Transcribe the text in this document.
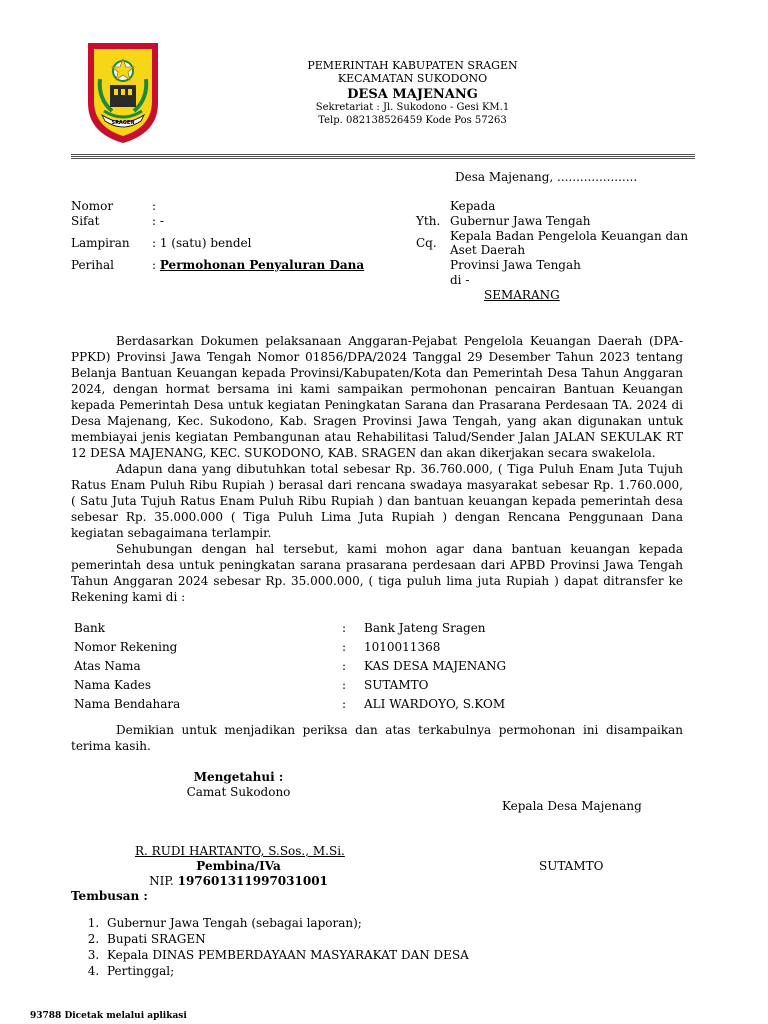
SRAGEN
PEMERINTAH KABUPATEN SRAGEN
KECAMATAN SUKODONO
DESA MAJENANG
Sekretariat : Jl. Sukodono - Gesi KM.1
Telp. 082138526459 Kode Pos 57263
Desa Majenang, .....................
Nomor	:
Sifat	: -
Lampiran : 1 (satu) bendel
Perihal	: Permohonan Penyaluran Dana
Kepada
Yth. Gubernur Jawa Tengah
Cq. Kepala Badan Pengelola Keuangan dan
Aset Daerah
Provinsi Jawa Tengah
di -
SEMARANG

Berdasarkan Dokumen pelaksanaan Anggaran-Pejabat Pengelola Keuangan Daerah (DPA-PPKD) Provinsi Jawa Tengah Nomor 01856/DPA/2024 Tanggal 29 Desember Tahun 2023 tentang Belanja Bantuan Keuangan kepada Provinsi/Kabupaten/Kota dan Pemerintah Desa Tahun Anggaran 2024, dengan hormat bersama ini kami sampaikan permohonan pencairan Bantuan Keuangan kepada Pemerintah Desa untuk kegiatan Peningkatan Sarana dan Prasarana Perdesaan TA. 2024 di Desa Majenang, Kec. Sukodono, Kab. Sragen Provinsi Jawa Tengah, yang akan digunakan untuk membiayai jenis kegiatan Pembangunan atau Rehabilitasi Talud/Sender Jalan JALAN SEKULAK RT 12 DESA MAJENANG, KEC. SUKODONO, KAB. SRAGEN dan akan dikerjakan secara swakelola.

Adapun dana yang dibutuhkan total sebesar Rp. 36.760.000, ( Tiga Puluh Enam Juta Tujuh Ratus Enam Puluh Ribu Rupiah ) berasal dari rencana swadaya masyarakat sebesar Rp. 1.760.000, ( Satu Juta Tujuh Ratus Enam Puluh Ribu Rupiah ) dan bantuan keuangan kepada pemerintah desa sebesar Rp. 35.000.000 ( Tiga Puluh Lima Juta Rupiah ) dengan Rencana Penggunaan Dana kegiatan sebagaimana terlampir.

Sehubungan dengan hal tersebut, kami mohon agar dana bantuan keuangan kepada pemerintah desa untuk peningkatan sarana prasarana perdesaan dari APBD Provinsi Jawa Tengah Tahun Anggaran 2024 sebesar Rp. 35.000.000, ( tiga puluh lima juta Rupiah ) dapat ditransfer ke Rekening kami di :

Bank	:	Bank Jateng Sragen
Nomor Rekening	:	1010011368
Atas Nama	:	KAS DESA MAJENANG
Nama Kades	:	SUTAMTO
Nama Bendahara	:	ALI WARDOYO, S.KOM

Demikian untuk menjadikan periksa dan atas terkabulnya permohonan ini disampaikan terima kasih.

Mengetahui :
Camat Sukodono
Kepala Desa Majenang
R. RUDI HARTANTO, S.Sos., M.Si.
Pembina/IVa
NIP. 197601311997031001
SUTAMTO
Tembusan :
1. Gubernur Jawa Tengah (sebagai laporan);
2. Bupati SRAGEN
3. Kepala DINAS PEMBERDAYAAN MASYARAKAT DAN DESA
4. Pertinggal;
93788 Dicetak melalui aplikasi
